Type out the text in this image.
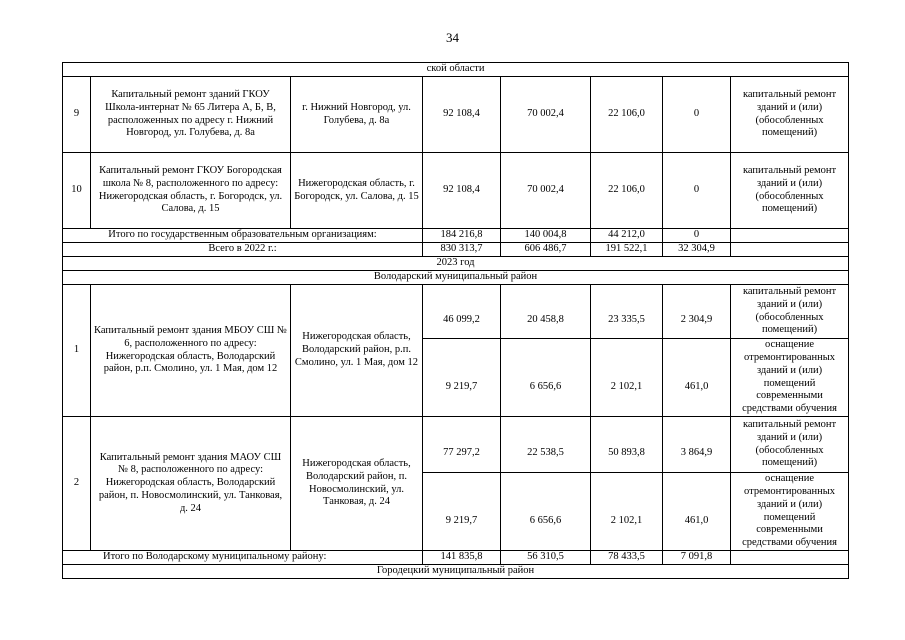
34
ской области							
9	Капитальный ремонт зданий ГКОУ Школа-интернат № 65 Литера А, Б, В, расположенных по адресу г. Нижний Новгород, ул. Голубева, д. 8а	г. Нижний Новгород, ул. Голубева, д. 8а	92 108,4	70 002,4	22 106,0	0	капитальный ремонт зданий и (или) (обособленных помещений)
10	Капитальный ремонт ГКОУ Богородская школа № 8, расположенного по адресу: Нижегородская область, г. Богородск, ул. Салова, д. 15	Нижегородская область, г. Богородск, ул. Салова, д. 15	92 108,4	70 002,4	22 106,0	0	капитальный ремонт зданий и (или) (обособленных помещений)
Итого по государственным образовательным организациям:			184 216,8	140 004,8	44 212,0	0	
Всего в 2022 г.:			830 313,7	606 486,7	191 522,1	32 304,9	
2023 год							
Володарский муниципальный район							
1	Капитальный ремонт здания МБОУ СШ № 6, расположенного по адресу: Нижегородская область, Володарский район, р.п. Смолино, ул. 1 Мая, дом 12	Нижегородская область, Володарский район, р.п. Смолино, ул. 1 Мая, дом 12	46 099,2	20 458,8	23 335,5	2 304,9	капитальный ремонт зданий и (или) (обособленных помещений)
			9 219,7	6 656,6	2 102,1	461,0	оснащение отремонтированных зданий и (или) помещений современными средствами обучения
2	Капитальный ремонт здания МАОУ СШ № 8, расположенного по адресу: Нижегородская область, Володарский район, п. Новосмолинский, ул. Танковая, д. 24	Нижегородская область, Володарский район, п. Новосмолинский, ул. Танковая, д. 24	77 297,2	22 538,5	50 893,8	3 864,9	капитальный ремонт зданий и (или) (обособленных помещений)
			9 219,7	6 656,6	2 102,1	461,0	оснащение отремонтированных зданий и (или) помещений современными средствами обучения
Итого по Володарскому муниципальному району:			141 835,8	56 310,5	78 433,5	7 091,8	
Городецкий муниципальный район							
